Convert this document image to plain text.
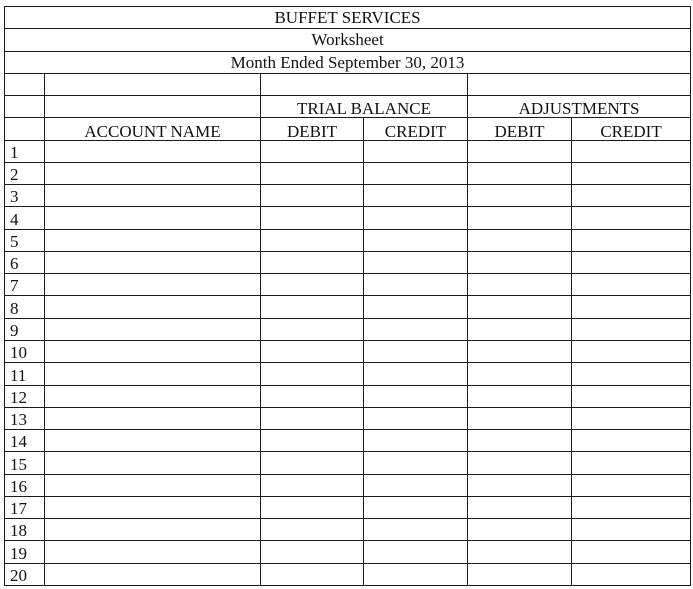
BUFFET SERVICES					
Worksheet					
Month Ended September 30, 2013					

		TRIAL BALANCE		ADJUSTMENTS	
	ACCOUNT NAME	DEBIT	CREDIT	DEBIT	CREDIT
1					
2					
3					
4					
5					
6					
7					
8					
9					
10					
11					
12					
13					
14					
15					
16					
17					
18					
19					
20					
